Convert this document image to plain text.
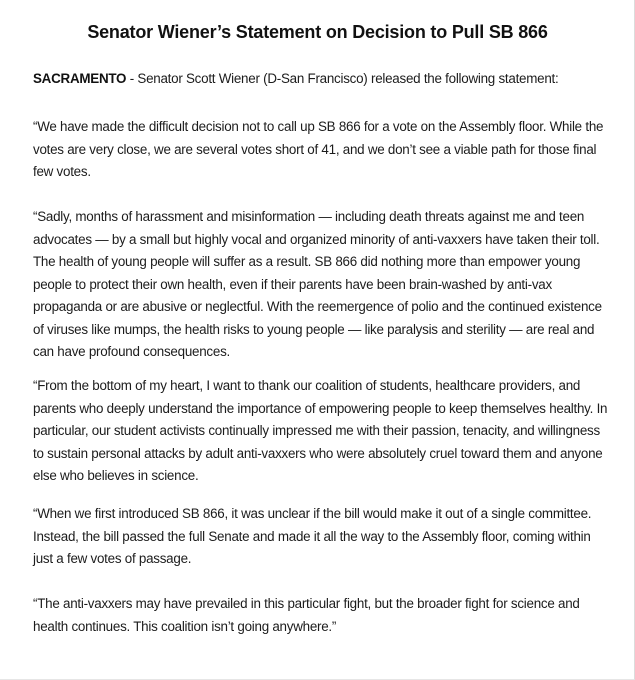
Senator Wiener’s Statement on Decision to Pull SB 866

SACRAMENTO - Senator Scott Wiener (D-San Francisco) released the following statement:

“We have made the difficult decision not to call up SB 866 for a vote on the Assembly floor. While the votes are very close, we are several votes short of 41, and we don’t see a viable path for those final few votes.

“Sadly, months of harassment and misinformation — including death threats against me and teen advocates — by a small but highly vocal and organized minority of anti-vaxxers have taken their toll. The health of young people will suffer as a result. SB 866 did nothing more than empower young people to protect their own health, even if their parents have been brain-washed by anti-vax propaganda or are abusive or neglectful. With the reemergence of polio and the continued existence of viruses like mumps, the health risks to young people — like paralysis and sterility — are real and can have profound consequences.

“From the bottom of my heart, I want to thank our coalition of students, healthcare providers, and parents who deeply understand the importance of empowering people to keep themselves healthy. In particular, our student activists continually impressed me with their passion, tenacity, and willingness to sustain personal attacks by adult anti-vaxxers who were absolutely cruel toward them and anyone else who believes in science.

“When we first introduced SB 866, it was unclear if the bill would make it out of a single committee. Instead, the bill passed the full Senate and made it all the way to the Assembly floor, coming within just a few votes of passage.

“The anti-vaxxers may have prevailed in this particular fight, but the broader fight for science and health continues. This coalition isn’t going anywhere.”
